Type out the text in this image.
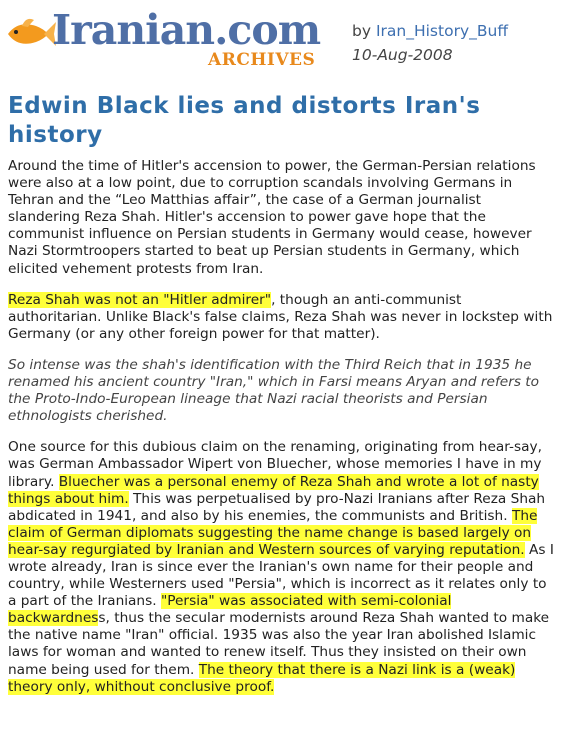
Iranian.com
ARCHIVES
by Iran_History_Buff
10-Aug-2008
Edwin Black lies and distorts Iran's history

Around the time of Hitler's accension to power, the German-Persian relations were also at a low point, due to corruption scandals involving Germans in Tehran and the “Leo Matthias affair”, the case of a German journalist slandering Reza Shah. Hitler's accension to power gave hope that the communist influence on Persian students in Germany would cease, however Nazi Stormtroopers started to beat up Persian students in Germany, which elicited vehement protests from Iran.

Reza Shah was not an "Hitler admirer", though an anti-communist authoritarian. Unlike Black's false claims, Reza Shah was never in lockstep with Germany (or any other foreign power for that matter).

So intense was the shah's identification with the Third Reich that in 1935 he renamed his ancient country "Iran," which in Farsi means Aryan and refers to the Proto-Indo-European lineage that Nazi racial theorists and Persian ethnologists cherished.

One source for this dubious claim on the renaming, originating from hear-say, was German Ambassador Wipert von Bluecher, whose memories I have in my library. Bluecher was a personal enemy of Reza Shah and wrote a lot of nasty things about him. This was perpetualised by pro-Nazi Iranians after Reza Shah abdicated in 1941, and also by his enemies, the communists and British. The claim of German diplomats suggesting the name change is based largely on hear-say regurgiated by Iranian and Western sources of varying reputation. As I wrote already, Iran is since ever the Iranian's own name for their people and country, while Westerners used "Persia", which is incorrect as it relates only to a part of the Iranians. "Persia" was associated with semi-colonial backwardness, thus the secular modernists around Reza Shah wanted to make the native name "Iran" official. 1935 was also the year Iran abolished Islamic laws for woman and wanted to renew itself. Thus they insisted on their own name being used for them. The theory that there is a Nazi link is a (weak) theory only, whithout conclusive proof.
